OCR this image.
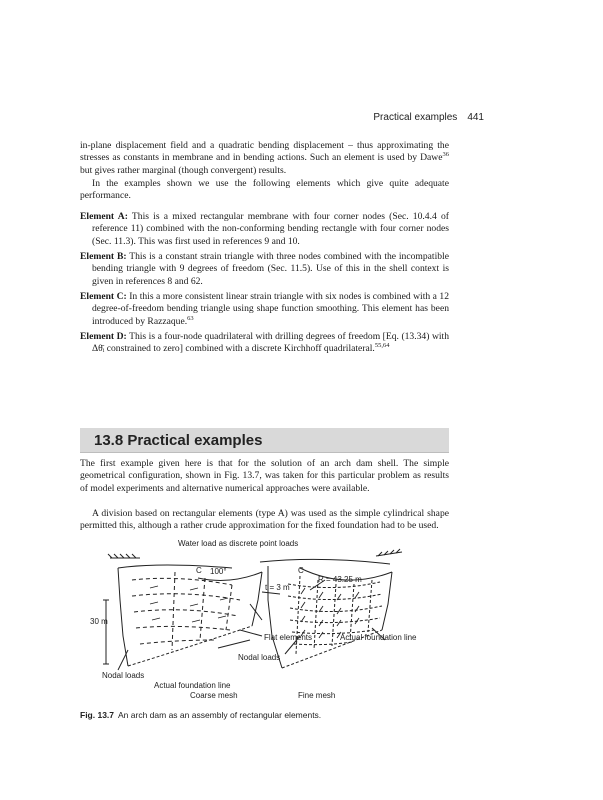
Practical examples 441

in-plane displacement field and a quadratic bending displacement – thus approximating the stresses as constants in membrane and in bending actions. Such an element is used by Dawe$^{36}$ but gives rather marginal (though convergent) results.

In the examples shown we use the following elements which give quite adequate performance.

Element A: This is a mixed rectangular membrane with four corner nodes (Sec. 10.4.4 of reference 11) combined with the non-conforming bending rectangle with four corner nodes (Sec. 11.3). This was first used in references 9 and 10.

Element B: This is a constant strain triangle with three nodes combined with the incompatible bending triangle with 9 degrees of freedom (Sec. 11.5). Use of this in the shell context is given in references 8 and 62.

Element C: In this a more consistent linear strain triangle with six nodes is combined with a 12 degree-of-freedom bending triangle using shape function smoothing. This element has been introduced by Razzaque.$^{63}$

Element D: This is a four-node quadrilateral with drilling degrees of freedom [Eq. (13.34) with Δθ̄ᵢ constrained to zero] combined with a discrete Kirchhoff quadrilateral.$^{55,64}$

13.8 Practical examples

The first example given here is that for the solution of an arch dam shell. The simple geometrical configuration, shown in Fig. 13.7, was taken for this particular problem as results of model experiments and alternative numerical approaches were available.

A division based on rectangular elements (type A) was used as the simple cylindrical shape permitted this, although a rather crude approximation for the fixed foundation had to be used.

Water load as discrete point loads
C	C
100°
R = 43.25 m
t = 3 m
30 m
Flat elements
Nodal loads
Nodal loads
Actual foundation line
Actual foundation line
Coarse mesh	Fine mesh
Fig. 13.7 An arch dam as an assembly of rectangular elements.
